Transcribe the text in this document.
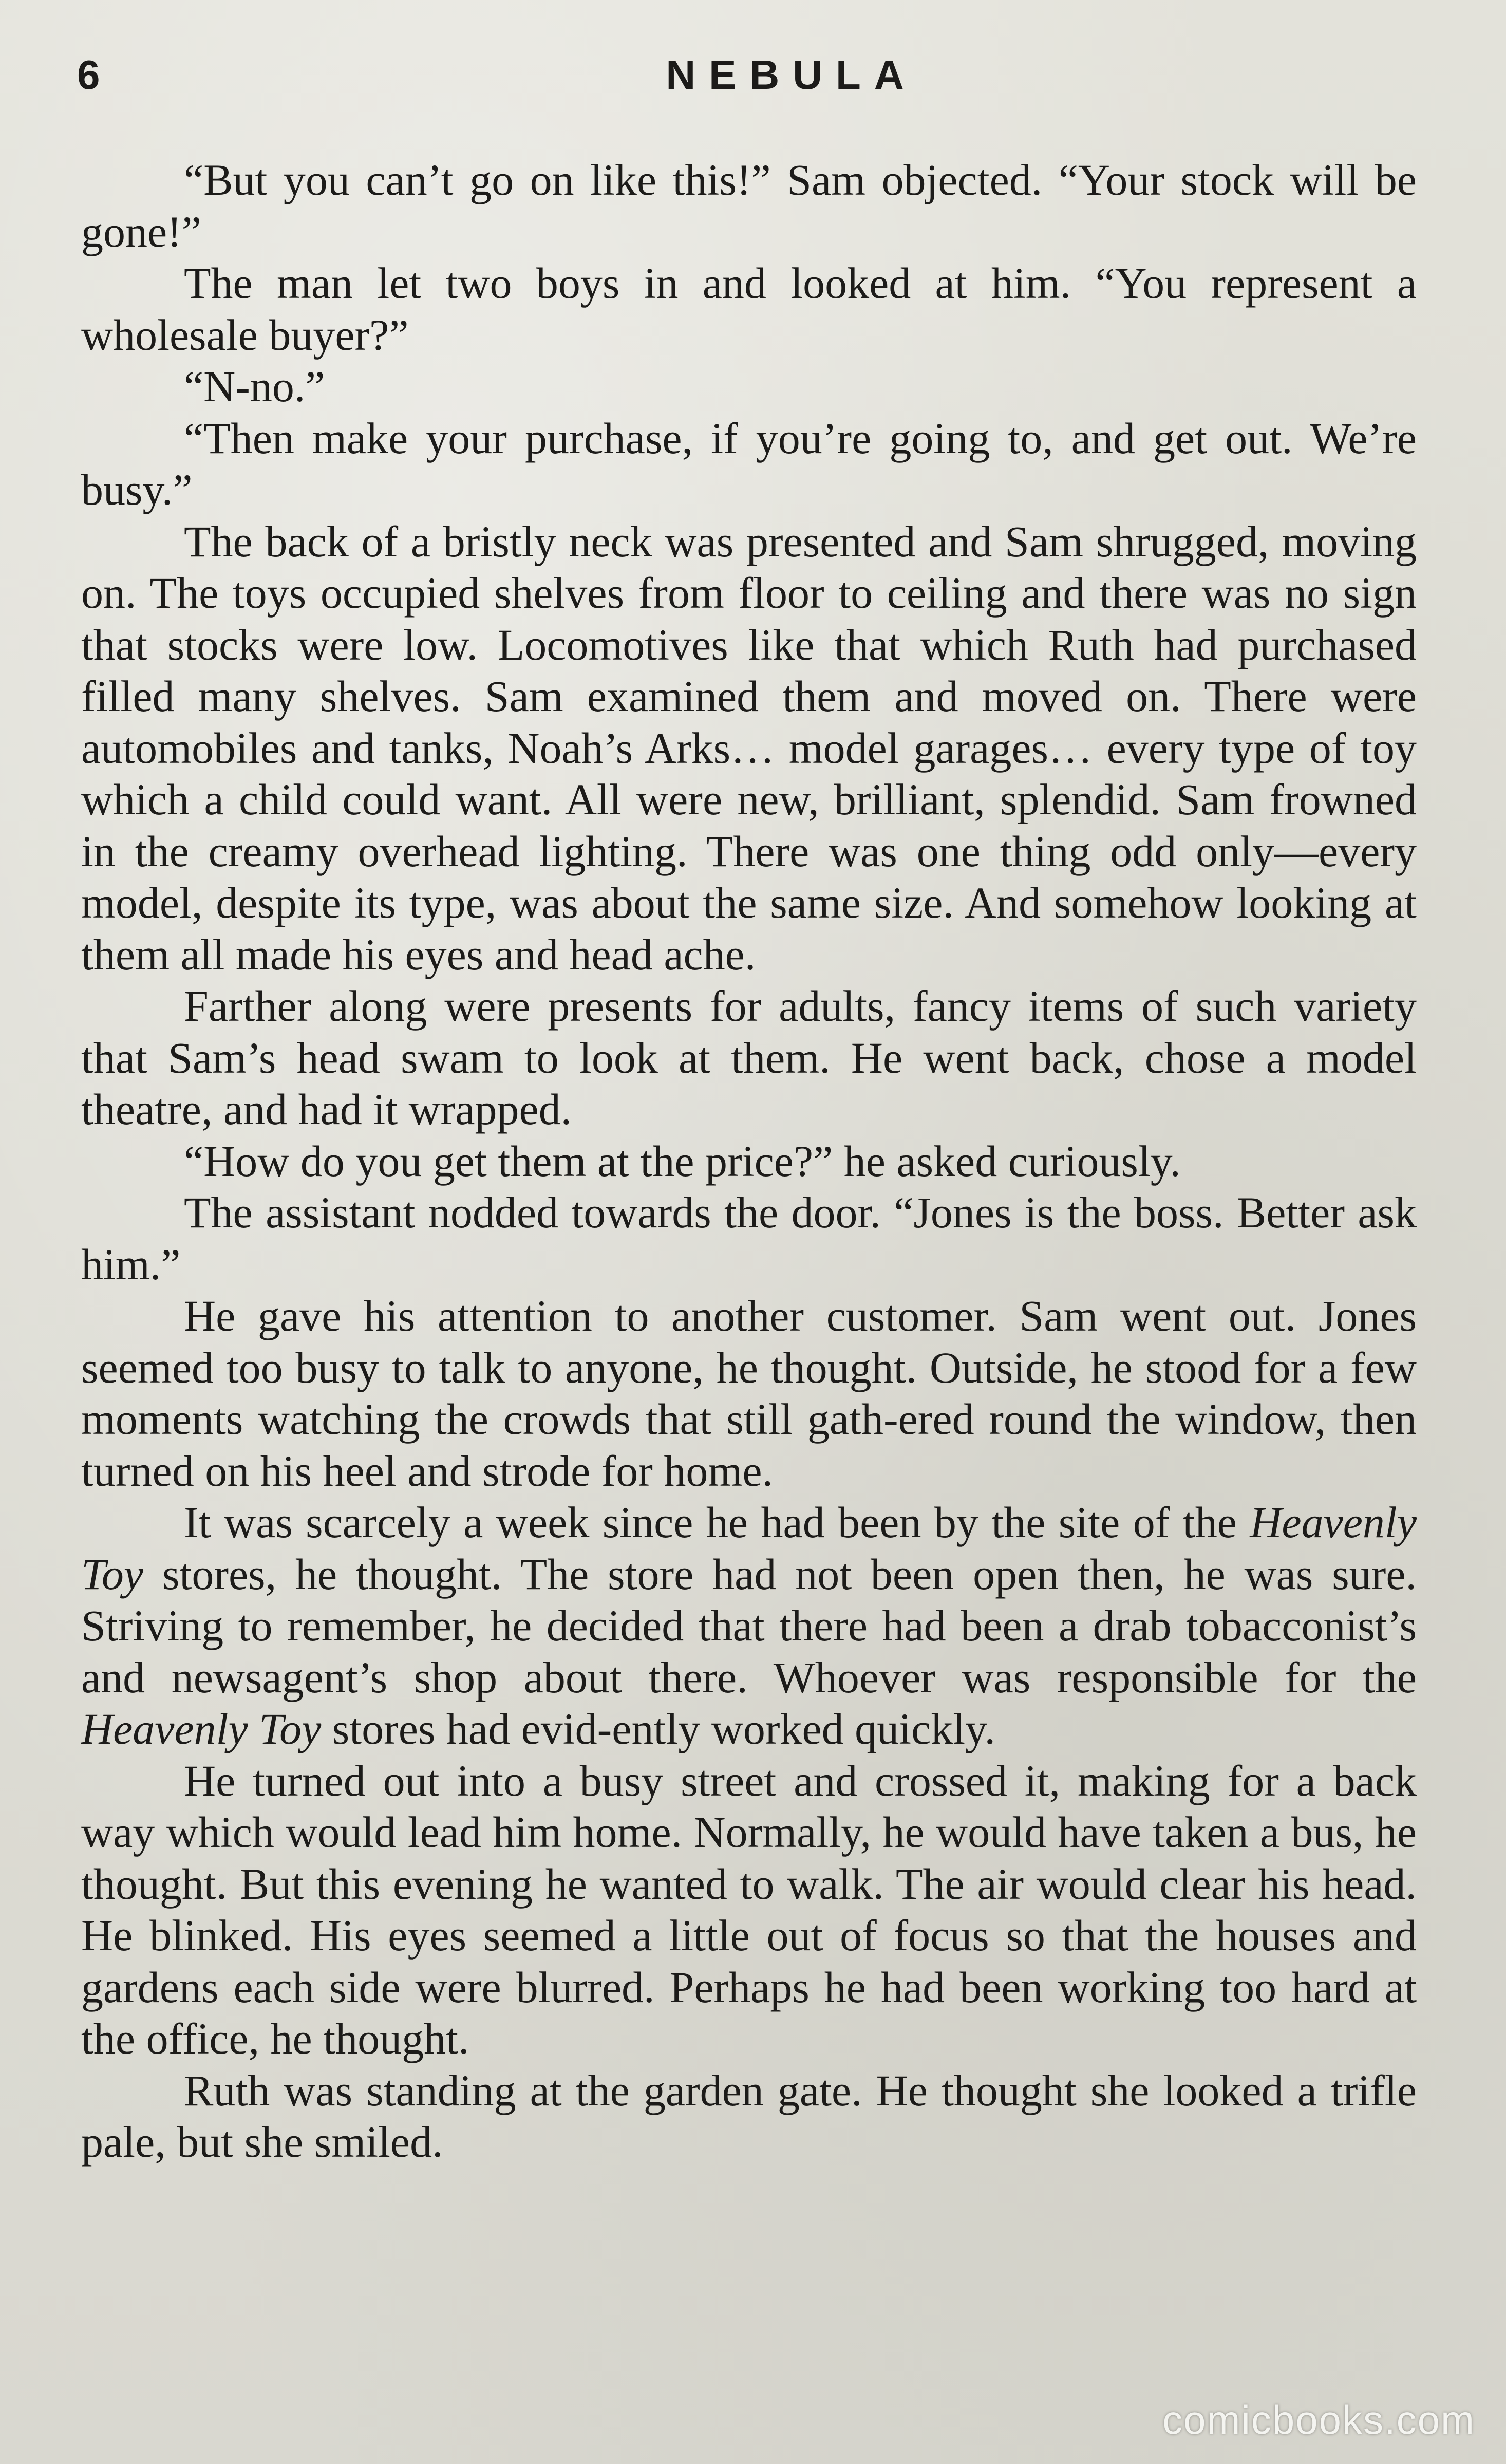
6	NEBULA

“But you can’t go on like this!” Sam objected. “Your stock will be gone!”

The man let two boys in and looked at him. “You represent a wholesale buyer?”

“N-no.”

“Then make your purchase, if you’re going to, and get out. We’re busy.”

The back of a bristly neck was presented and Sam shrugged, moving on. The toys occupied shelves from floor to ceiling and there was no sign that stocks were low. Locomotives like that which Ruth had purchased filled many shelves. Sam examined them and moved on. There were automobiles and tanks, Noah’s Arks… model garages… every type of toy which a child could want. All were new, brilliant, splendid. Sam frowned in the creamy overhead lighting. There was one thing odd only—every model, despite its type, was about the same size. And somehow looking at them all made his eyes and head ache.

Farther along were presents for adults, fancy items of such variety that Sam’s head swam to look at them. He went back, chose a model theatre, and had it wrapped.

“How do you get them at the price?” he asked curiously.

The assistant nodded towards the door. “Jones is the boss. Better ask him.”

He gave his attention to another customer. Sam went out. Jones seemed too busy to talk to anyone, he thought. Outside, he stood for a few moments watching the crowds that still gath-ered round the window, then turned on his heel and strode for home.

It was scarcely a week since he had been by the site of the Heavenly Toy stores, he thought. The store had not been open then, he was sure. Striving to remember, he decided that there had been a drab tobacconist’s and newsagent’s shop about there. Whoever was responsible for the Heavenly Toy stores had evid-ently worked quickly.

He turned out into a busy street and crossed it, making for a back way which would lead him home. Normally, he would have taken a bus, he thought. But this evening he wanted to walk. The air would clear his head. He blinked. His eyes seemed a little out of focus so that the houses and gardens each side were blurred. Perhaps he had been working too hard at the office, he thought.

Ruth was standing at the garden gate. He thought she looked a trifle pale, but she smiled.

comicbooks.com
